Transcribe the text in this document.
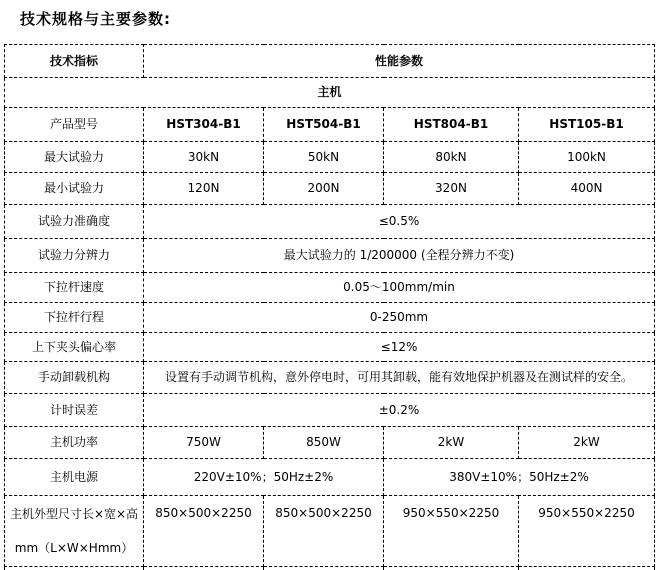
技术规格与主要参数:
技术指标	性能参数			
主机				
产品型号	HST304-B1	HST504-B1	HST804-B1	HST105-B1
最大试验力	30kN	50kN	80kN	100kN
最小试验力	120N	200N	320N	400N
试验力准确度	≤0.5%			
试验力分辨力	最大试验力的 1/200000 (全程分辨力不变)			
下拉杆速度	0.05～100mm/min			
下拉杆行程	0-250mm			
上下夹头偏心率	≤12%			
手动卸载机构	设置有手动调节机构，意外停电时，可用其卸载，能有效地保护机器及在测试样的安全。			
计时误差	±0.2%			
主机功率	750W	850W	2kW	2kW
主机电源	220V±10%；50Hz±2%		380V±10%；50Hz±2%	
主机外型尺寸长×宽×高 mm（L×W×Hmm）	850×500×2250	850×500×2250	950×550×2250	950×550×2250
